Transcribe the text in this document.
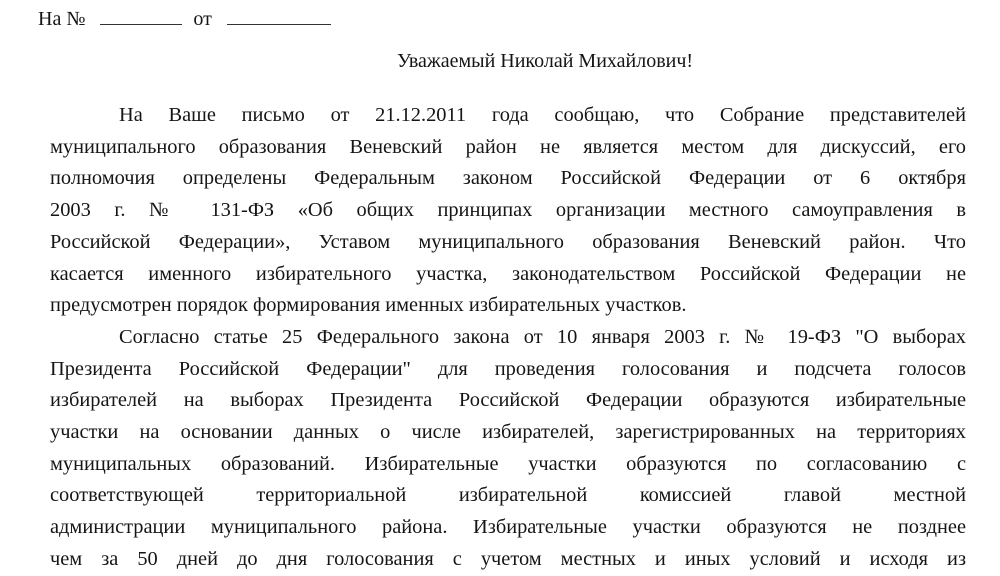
На №	от
Уважаемый Николай Михайлович!
На Ваше письмо от 21.12.2011 года сообщаю, что Собрание представителей
муниципального образования Веневский район не является местом для дискуссий, его
полномочия определены Федеральным законом Российской Федерации от 6 октября
2003 г. № 131-ФЗ «Об общих принципах организации местного самоуправления в
Российской Федерации», Уставом муниципального образования Веневский район. Что
касается именного избирательного участка, законодательством Российской Федерации не
предусмотрен порядок формирования именных избирательных участков.
Согласно статье 25 Федерального закона от 10 января 2003 г. № 19-ФЗ "О выборах
Президента Российской Федерации" для проведения голосования и подсчета голосов
избирателей на выборах Президента Российской Федерации образуются избирательные
участки на основании данных о числе избирателей, зарегистрированных на территориях
муниципальных образований. Избирательные участки образуются по согласованию с
соответствующей территориальной избирательной комиссией главой местной
администрации муниципального района. Избирательные участки образуются не позднее
чем за 50 дней до дня голосования с учетом местных и иных условий и исходя из
